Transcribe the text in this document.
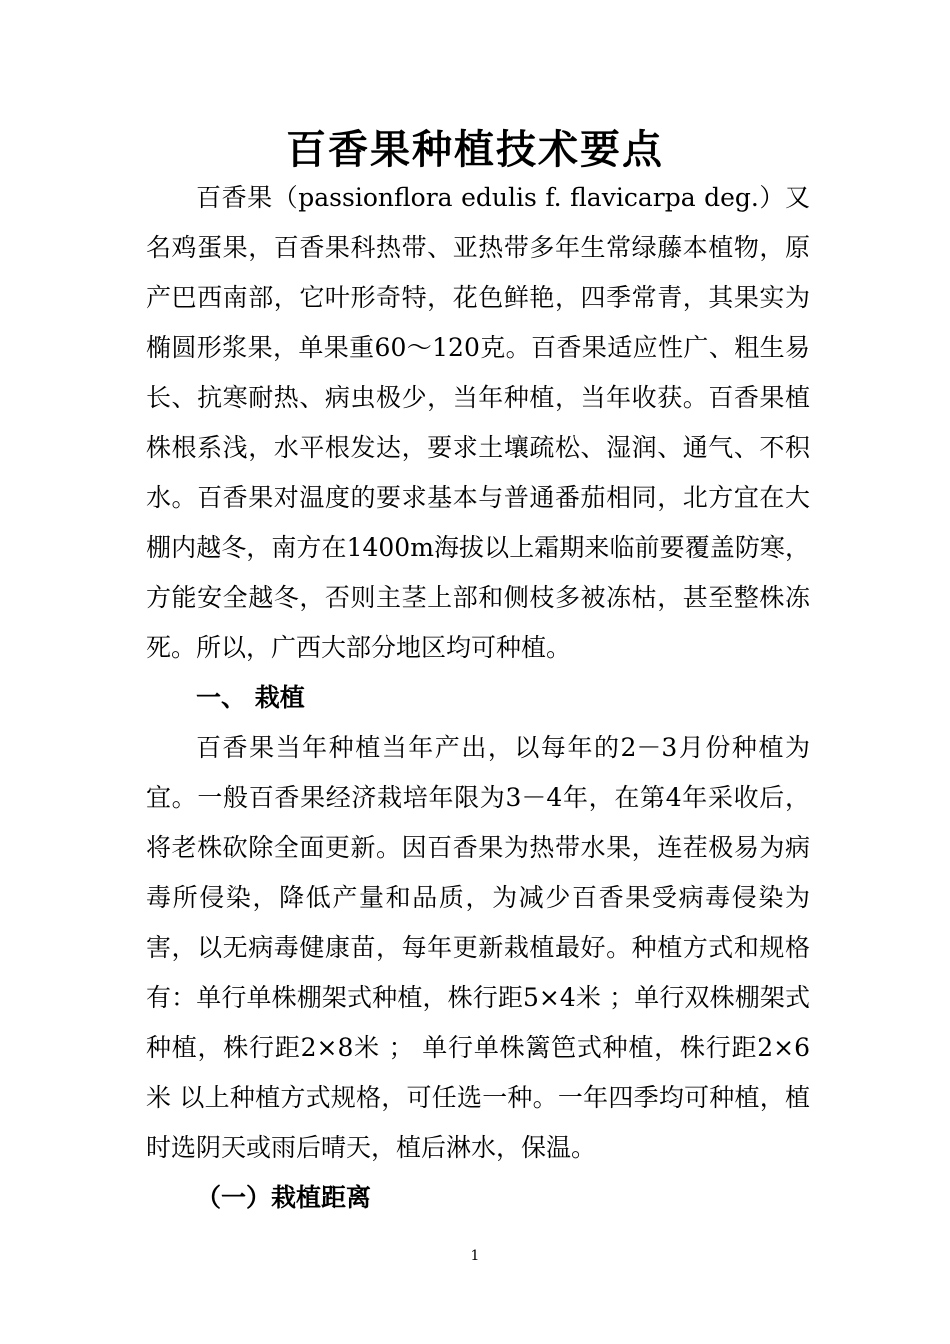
百香果种植技术要点

百香果（passionflora edulis f. flavicarpa deg.）又名鸡蛋果，百香果科热带、亚热带多年生常绿藤本植物，原产巴西南部，它叶形奇特，花色鲜艳，四季常青，其果实为椭圆形浆果，单果重60～120克。百香果适应性广、粗生易长、抗寒耐热、病虫极少，当年种植，当年收获。百香果植株根系浅，水平根发达，要求土壤疏松、湿润、通气、不积水。百香果对温度的要求基本与普通番茄相同，北方宜在大棚内越冬，南方在1400m海拔以上霜期来临前要覆盖防寒，方能安全越冬，否则主茎上部和侧枝多被冻枯，甚至整株冻死。所以，广西大部分地区均可种植。

一、 栽植

百香果当年种植当年产出，以每年的2－3月份种植为宜。一般百香果经济栽培年限为3－4年，在第4年采收后，将老株砍除全面更新。因百香果为热带水果，连茬极易为病毒所侵染，降低产量和品质，为减少百香果受病毒侵染为害，以无病毒健康苗，每年更新栽植最好。种植方式和规格有：单行单株棚架式种植，株行距5×4米 ；单行双株棚架式种植，株行距2×8米 ； 单行单株篱笆式种植，株行距2×6米 以上种植方式规格，可任选一种。一年四季均可种植，植时选阴天或雨后晴天，植后淋水，保温。

（一）栽植距离

1
